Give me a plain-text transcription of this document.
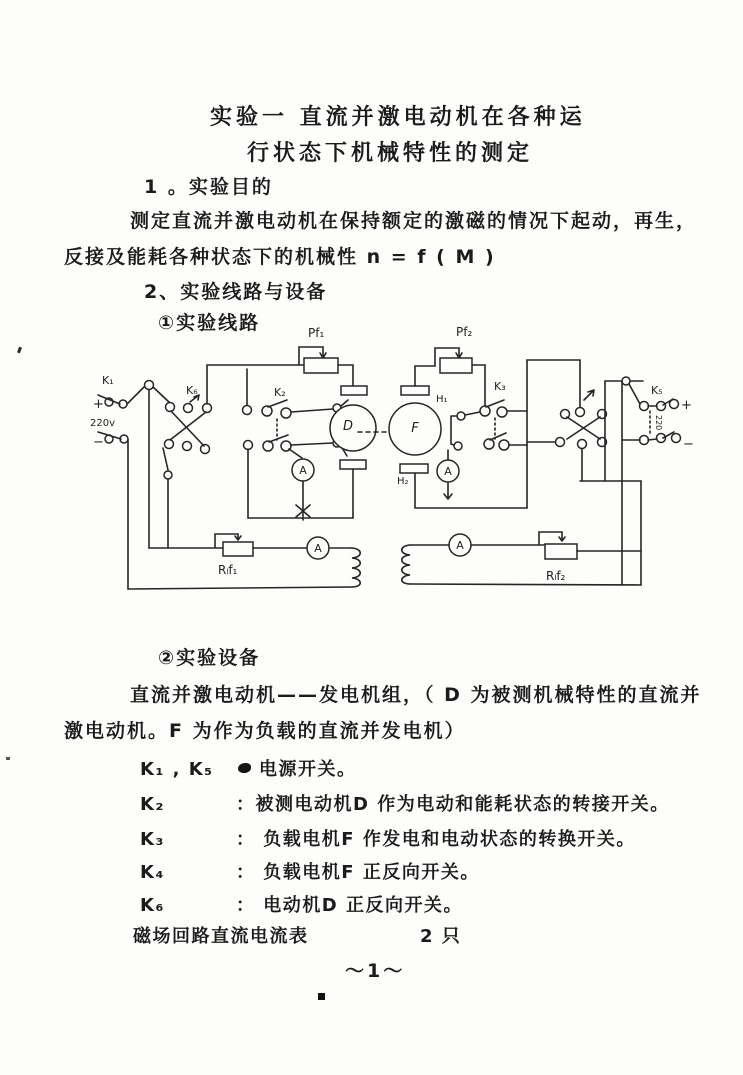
实验一 直流并激电动机在各种运
行状态下机械特性的测定
1 。实验目的
测定直流并激电动机在保持额定的激磁的情况下起动，再生，
反接及能耗各种状态下的机械性 n = f ( M )
2、实验线路与设备
①实验线路
K₁
+
220v
−
K₆
Pf₁
K₂
A
D	F
H₁
H₂
A
Pf₂
K₃	K₅
+
220
−
A
Rₗf₁
A
Rₗf₂
②实验设备
直流并激电动机——发电机组，（ D 为被测机械特性的直流并
激电动机。F 为作为负载的直流并发电机）
K₁ , K₅	电源开关。
K₂	：被测电动机D 作为电动和能耗状态的转接开关。
K₃	： 负载电机F 作发电和电动状态的转换开关。
K₄	： 负载电机F 正反向开关。
K₆	： 电动机D 正反向开关。
磁场回路直流电流表	2 只
～1～
